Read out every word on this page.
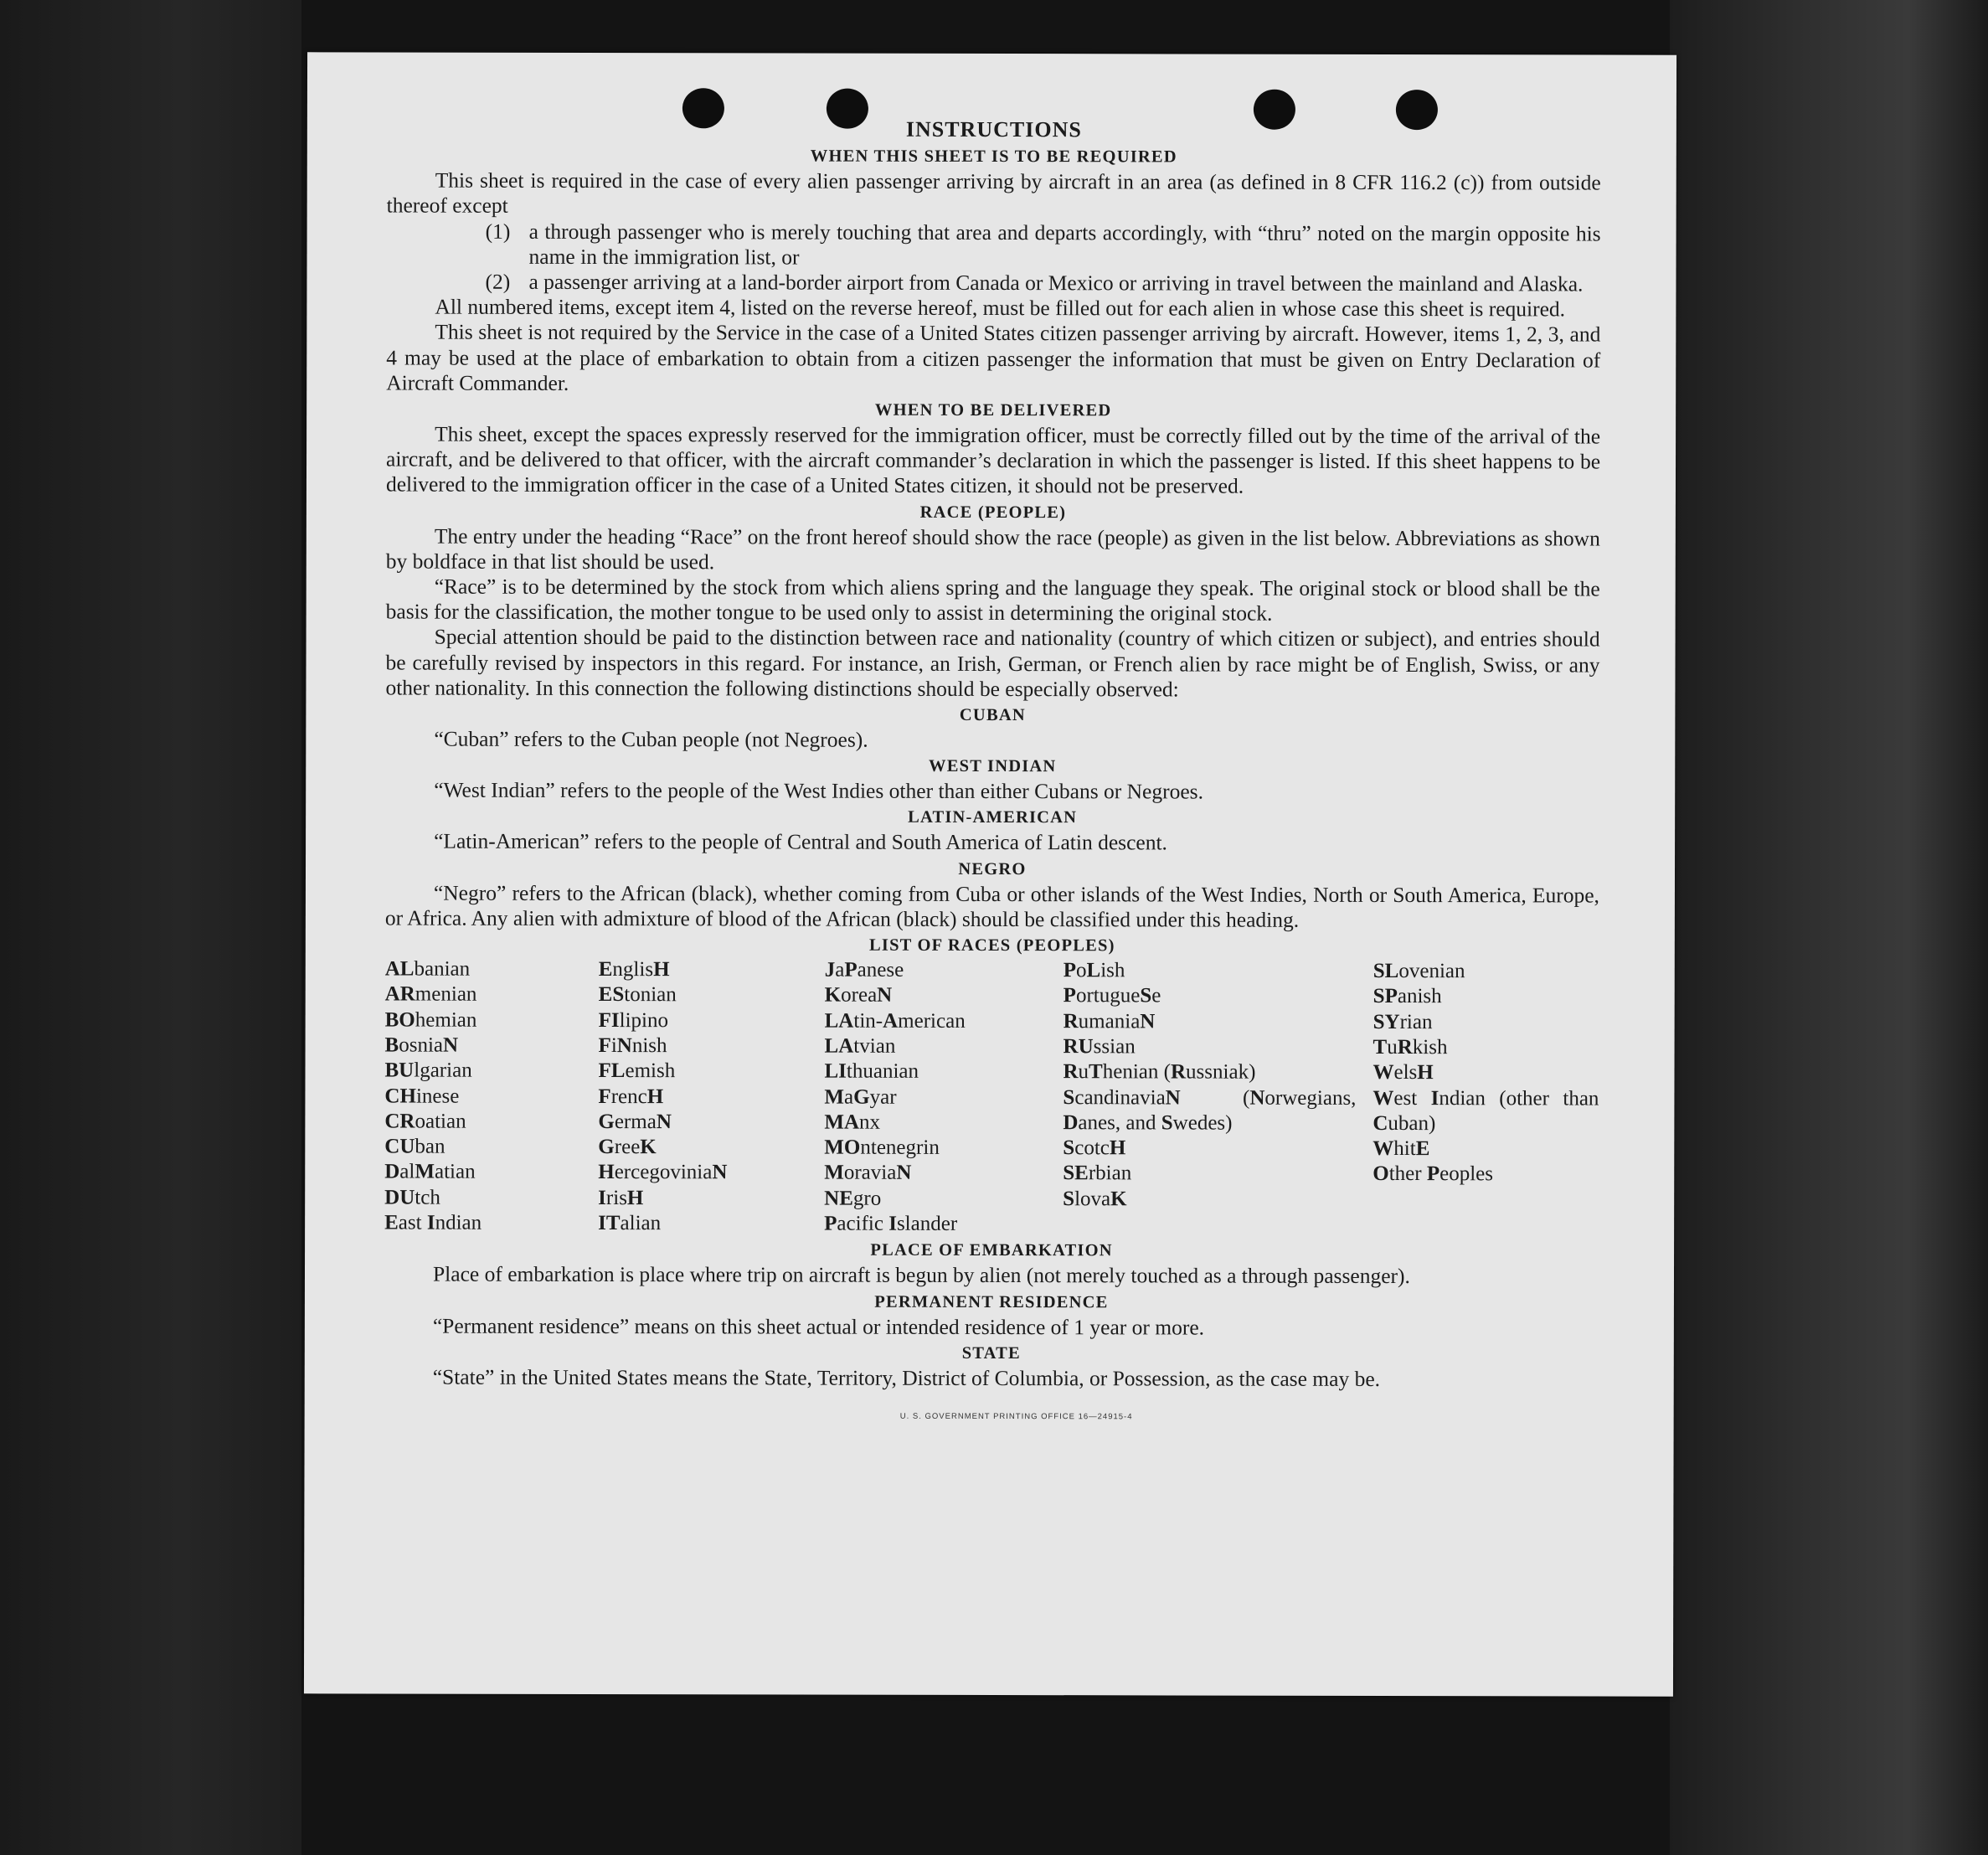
INSTRUCTIONS
WHEN THIS SHEET IS TO BE REQUIRED

This sheet is required in the case of every alien passenger arriving by aircraft in an area (as defined in 8 CFR 116.2 (c)) from outside thereof except

(1) a through passenger who is merely touching that area and departs accordingly, with “thru” noted on the margin opposite his name in the immigration list, or
(2) a passenger arriving at a land-border airport from Canada or Mexico or arriving in travel between the mainland and Alaska.

All numbered items, except item 4, listed on the reverse hereof, must be filled out for each alien in whose case this sheet is required.

This sheet is not required by the Service in the case of a United States citizen passenger arriving by aircraft. However, items 1, 2, 3, and 4 may be used at the place of embarkation to obtain from a citizen passenger the information that must be given on Entry Declaration of Aircraft Commander.

WHEN TO BE DELIVERED

This sheet, except the spaces expressly reserved for the immigration officer, must be correctly filled out by the time of the arrival of the aircraft, and be delivered to that officer, with the aircraft commander’s declaration in which the passenger is listed. If this sheet happens to be delivered to the immigration officer in the case of a United States citizen, it should not be preserved.

RACE (PEOPLE)

The entry under the heading “Race” on the front hereof should show the race (people) as given in the list below. Abbreviations as shown by boldface in that list should be used.

“Race” is to be determined by the stock from which aliens spring and the language they speak. The original stock or blood shall be the basis for the classification, the mother tongue to be used only to assist in determining the original stock.

Special attention should be paid to the distinction between race and nationality (country of which citizen or subject), and entries should be carefully revised by inspectors in this regard. For instance, an Irish, German, or French alien by race might be of English, Swiss, or any other nationality. In this connection the following distinctions should be especially observed:

CUBAN

“Cuban” refers to the Cuban people (not Negroes).

WEST INDIAN

“West Indian” refers to the people of the West Indies other than either Cubans or Negroes.

LATIN-AMERICAN

“Latin-American” refers to the people of Central and South America of Latin descent.

NEGRO

“Negro” refers to the African (black), whether coming from Cuba or other islands of the West Indies, North or South America, Europe, or Africa. Any alien with admixture of blood of the African (black) should be classified under this heading.

LIST OF RACES (PEOPLES)
ALbanian
ARmenian
BOhemian
BosniaN
BUlgarian
CHinese
CRoatian
CUban
DalMatian
DUtch
East Indian
EnglisH
EStonian
FIlipino
FiNnish
FLemish
FrencH
GermaN
GreeK
HercegoviniaN
IrisH
ITalian
JaPanese
KoreaN
LAtin-American
LAtvian
LIthuanian
MaGyar
MAnx
MOntenegrin
MoraviaN
NEgro
Pacific Islander
PoLish
PortugueSe
RumaniaN
RUssian
RuThenian (Russniak)
ScandinaviaN	(Norwegians, Danes, and Swedes)
ScotcH
SErbian
SlovaK
SLovenian
SPanish
SYrian
TuRkish
WelsH
West Indian (other than Cuban)
WhitE
Other Peoples
PLACE OF EMBARKATION

Place of embarkation is place where trip on aircraft is begun by alien (not merely touched as a through passenger).

PERMANENT RESIDENCE

“Permanent residence” means on this sheet actual or intended residence of 1 year or more.

STATE

“State” in the United States means the State, Territory, District of Columbia, or Possession, as the case may be.

U. S. GOVERNMENT PRINTING OFFICE 16—24915-4
